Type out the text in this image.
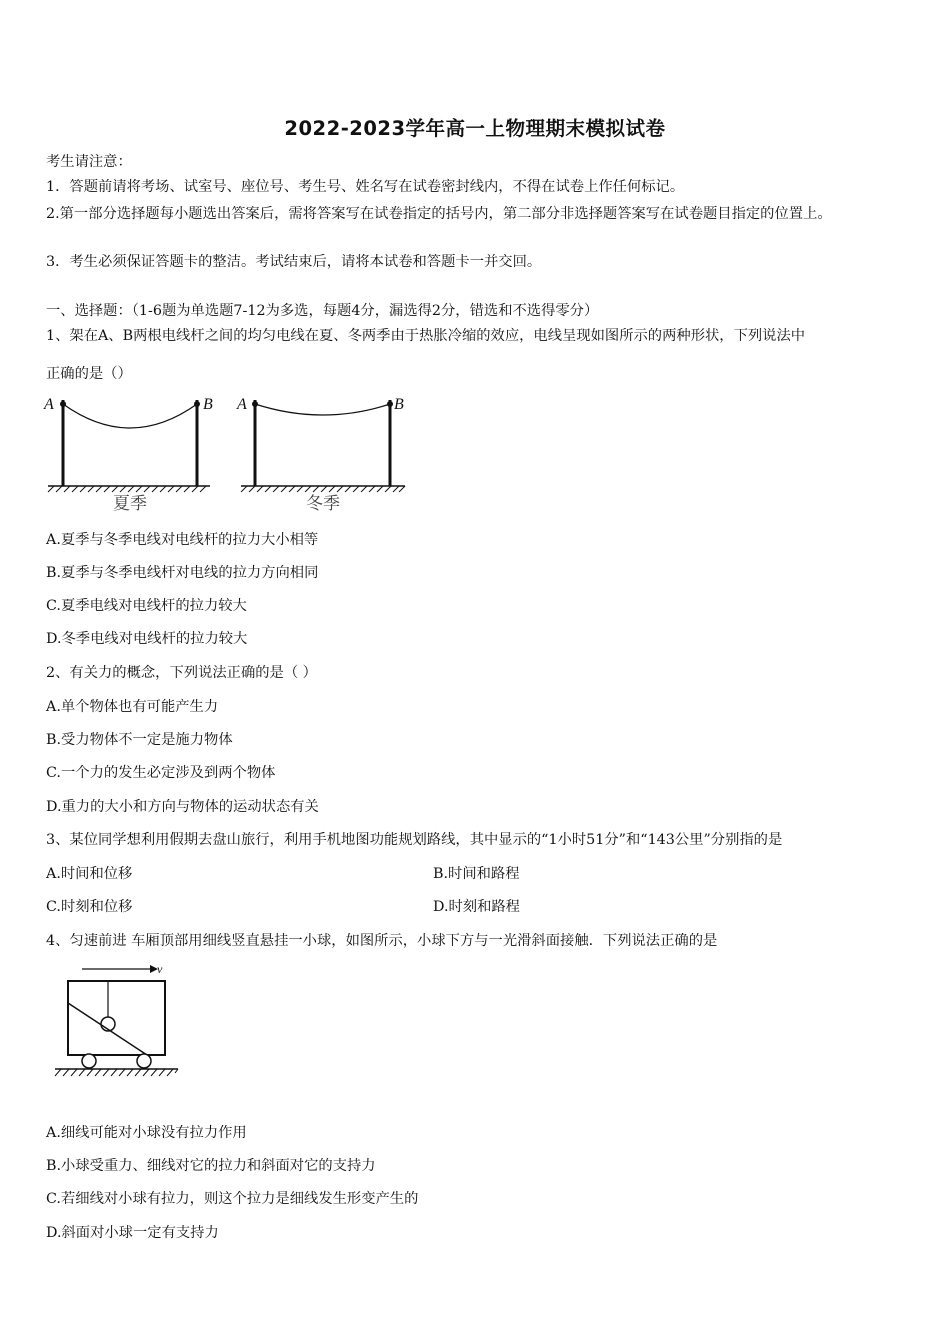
2022-2023学年高一上物理期末模拟试卷
考生请注意：
1．答题前请将考场、试室号、座位号、考生号、姓名写在试卷密封线内，不得在试卷上作任何标记。
2.第一部分选择题每小题选出答案后，需将答案写在试卷指定的括号内，第二部分非选择题答案写在试卷题目指定的位置上。
3．考生必须保证答题卡的整洁。考试结束后，请将本试卷和答题卡一并交回。
一、选择题：（1-6题为单选题7-12为多选，每题4分，漏选得2分，错选和不选得零分）
1、架在A、B两根电线杆之间的均匀电线在夏、冬两季由于热胀冷缩的效应，电线呈现如图所示的两种形状，下列说法中
正确的是（）
A	B
夏季
A	B
冬季
A.夏季与冬季电线对电线杆的拉力大小相等
B.夏季与冬季电线杆对电线的拉力方向相同
C.夏季电线对电线杆的拉力较大
D.冬季电线对电线杆的拉力较大
2、有关力的概念，下列说法正确的是（ ）
A.单个物体也有可能产生力
B.受力物体不一定是施力物体
C.一个力的发生必定涉及到两个物体
D.重力的大小和方向与物体的运动状态有关
3、某位同学想利用假期去盘山旅行，利用手机地图功能规划路线，其中显示的“1小时51分”和“143公里”分别指的是
A.时间和位移	B.时间和路程
C.时刻和位移	D.时刻和路程
4、匀速前进 车厢顶部用细线竖直悬挂一小球，如图所示，小球下方与一光滑斜面接触．下列说法正确的是
v
A.细线可能对小球没有拉力作用
B.小球受重力、细线对它的拉力和斜面对它的支持力
C.若细线对小球有拉力，则这个拉力是细线发生形变产生的
D.斜面对小球一定有支持力
